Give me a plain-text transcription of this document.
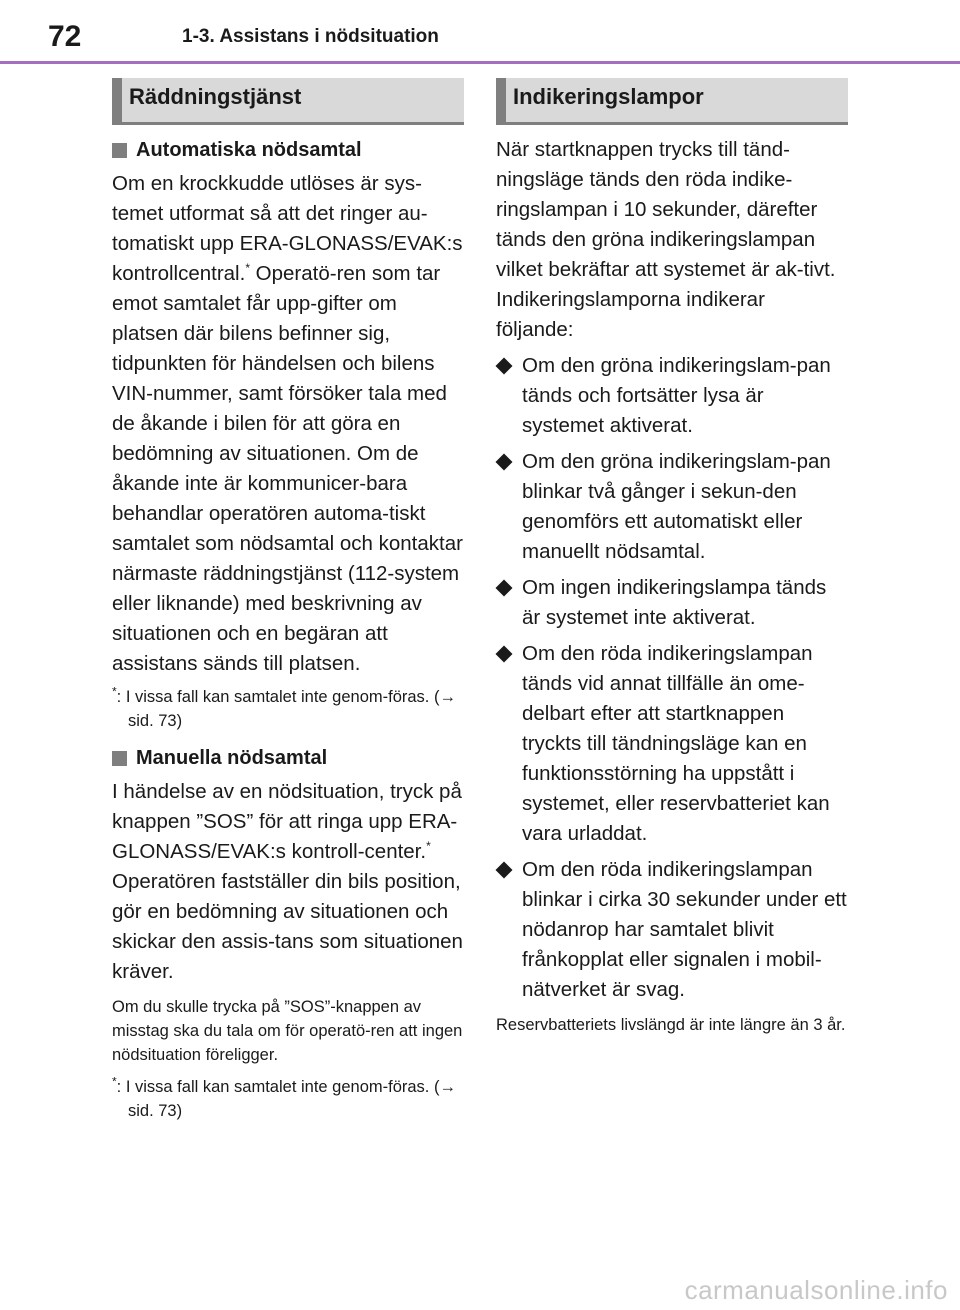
72	1-3. Assistans i nödsituation
Räddningstjänst
Automatiska nödsamtal

Om en krockkudde utlöses är sys-temet utformat så att det ringer au-tomatiskt upp ERA-GLONASS/EVAK:s kontrollcentral.* Operatö-ren som tar emot samtalet får upp-gifter om platsen där bilens befinner sig, tidpunkten för händelsen och bilens VIN-nummer, samt försöker tala med de åkande i bilen för att göra en bedömning av situationen. Om de åkande inte är kommunicer-bara behandlar operatören automa-tiskt samtalet som nödsamtal och kontaktar närmaste räddningstjänst (112-system eller liknande) med beskrivning av situationen och en begäran att assistans sänds till platsen.

*: I vissa fall kan samtalet inte genom-föras. (→ sid. 73)

Manuella nödsamtal

I händelse av en nödsituation, tryck på knappen ”SOS” för att ringa upp ERA-GLONASS/EVAK:s kontroll-center.* Operatören fastställer din bils position, gör en bedömning av situationen och skickar den assis-tans som situationen kräver.

Om du skulle trycka på ”SOS”-knappen av misstag ska du tala om för operatö-ren att ingen nödsituation föreligger.

*: I vissa fall kan samtalet inte genom-föras. (→ sid. 73)

Indikeringslampor

När startknappen trycks till tänd-ningsläge tänds den röda indike-ringslampan i 10 sekunder, därefter tänds den gröna indikeringslampan vilket bekräftar att systemet är ak-tivt. Indikeringslamporna indikerar följande:

Om den gröna indikeringslam-pan tänds och fortsätter lysa är systemet aktiverat.
Om den gröna indikeringslam-pan blinkar två gånger i sekun-den genomförs ett automatiskt eller manuellt nödsamtal.
Om ingen indikeringslampa tänds är systemet inte aktiverat.
Om den röda indikeringslampan tänds vid annat tillfälle än ome-delbart efter att startknappen tryckts till tändningsläge kan en funktionsstörning ha uppstått i systemet, eller reservbatteriet kan vara urladdat.
Om den röda indikeringslampan blinkar i cirka 30 sekunder under ett nödanrop har samtalet blivit frånkopplat eller signalen i mobil-nätverket är svag.

Reservbatteriets livslängd är inte längre än 3 år.

carmanualsonline.info
